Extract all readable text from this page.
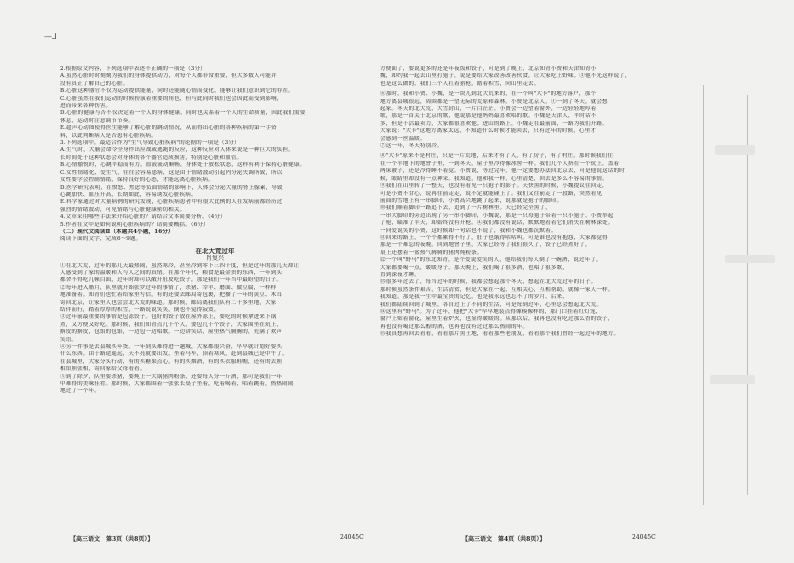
—⅃
2.根据原文内容，下列选项中表述不正确的一项是（3分）
A.虽然心脏时时刻刻为我们的身体提供动力，对每个人都非常重要，但大多数人可能并
没有真正了解自己的心脏。
B.心脏这种器官不仅为运动提供能量，同时还能随心情而变化，能够让我们意识到它的存在。
C.心脏虽然在我们运动的时候扮演着重要的角色，但与此同时我们也会因此而受到影响，
进而带来各种伤害。
D.心脏的健康与否不仅决定着一个人的身体健康，同时也关系着一个人的生命质量，因此我们需要
休息，运动时注意调节节奏。
E.超声心动图使得医生能够了解心脏的跳动情况，从而得出心脏的各种疾病的第一手资
料，以此判断病人是否患有心脏疾病。
3.下列选项中，最适合作为"生气导致心脏疾病"的论据的一项是（3分）
A.生气时，大脑会命令全身作出应战或逃跑的反应，这种反应对人体来说是一种巨大的负担，
长时间处于这种状态会对身体的各个器官造成损害，特别是心脏和血管。
B.心情愉悦时，心跳平稳而有力，血液流动顺畅，身体处于放松状态，这样有利于保持心脏健康。
C.女性情绪化、爱生气，往往会容易患病，这是由于情绪波动引起内分泌失调所致，所以
女性要学会控制情绪，保持良好的心态，才能远离心脏疾病。
D.医学研究表明，在愤怒、焦虑等负面情绪的影响下，人体会分泌大量的肾上腺素，导致
心跳加快、血压升高，长期如此，容易诱发心脏疾病。
E.科学家通过对大量病例的研究发现，心脏疾病患者中有很大比例的人在发病前都经历过
强烈的情绪波动，可见情绪与心脏健康密切相关。
4.文章采用哪些手法来介绍心脏的？请结合文本简要分析。（4分）
5.作者在文中是如何说明心脏疾病的？请简要概括。（6分）
（二）现代文阅读Ⅱ（本题共4小题，16分）
阅读下面的文字，完成6～9题。
在北大荒过年
肖复兴
①在北大荒，过年的那几天最热闹，虽然寒冷，甚至冷到零下三四十度，但是过年的那几天却让
人感受到了家的温暖和人与人之间的真情。在那个年代，粮食是最金贵的东西，一年到头
都舍不得吃几顿白面，过年时却可以敞开肚皮吃饺子，那是我们一年当中最盼望的日子。
②每年进入腊月，队里就开始张罗过年的事情了，杀猪、宰羊、磨面、做豆腐，一样样
地准备着。知青们也忙着给家里写信，有的还要去邮局寄包裹，把攒了一年的黄豆、木耳
寄回北京，让家里人也尝尝北大荒的味道。那时候，邮局离我们队有二十多里地，大家
结伴而行，踏着厚厚的积雪，一路说说笑笑，倒也不觉得寂寞。
③过年前最重要的事情是包冻饺子。包好的饺子放在屋外冻上，要吃的时候拿进来下锅
煮，又方便又好吃。那时候，我们知青点几十个人，要包几千个饺子，大家围坐在炕上，
擀皮的擀皮，包馅的包馅，一边包一边唱歌，一边讲笑话，屋里热气腾腾的，充满了欢声
笑语。
④另一件事是去县城买年货。一年到头难得进一趟城，大家都很兴奋，早早就计划好要买
什么东西。由于路途遥远，天不亮就要出发，坐着马车，顶着寒风，赶到县城已是中午了。
在县城里，大家分头行动，有的买糖果点心，有的买烟酒，有的买衣服鞋帽，还有的去照
相馆照张相，寄回家给父母看看。
⑤到了除夕，队里要杀猪，要炖上一大锅猪肉粉条，还要每人分一斤酒，那可是我们一年
中难得的美味佳肴。那时候，大家都围着一张张长桌子坐着，吃着喝着，唱着跳着，热热闹闹
地过了一个年。
【高三语文　第3页（共8页）】	24045C
方便面了，要说更多的还是年夜饭和饺子，可是到了晚上，北京知青小贾和天津知青小
魏，却约我一起去山里打狍子，说是要给大家改善改善伙食，让大家吃上野味。③他不光这样说了，
也是这么做的。我们三个人扛着猎枪，踏着积雪，向山里走去。
⑥那时，我和小贾、小魏，是一块儿到北大荒来的，在一个叫"大卡"的地方落户，那个
地方离县城很远，周围都是一望无际的荒原和森林。小贾是北京人，①一到了冬天，就会想
起家。冬天的北大荒，大雪封山，一片白茫茫。小贾会一边望着窗外，一边轻轻地哼着
歌，那是一首关于北京的歌，他说那是他妈妈最喜欢唱的歌。小魏是天津人，平时话不
多，但是干活最卖力，大家都很喜欢他。进山的路上，小魏走在最前面，一路为我们开路。
大家说："大卡"这地方离家太远，不知道什么时候才能回去，只有过年的时候，心里才
会感到一丝温暖。
⑦这一年，冬天特别冷。
⑧"大卡"原来不是村庄，只是一片荒地，后来才有了人，有了房子，有了村庄。那时候我们住
在一个半地下的地窨子里，一到冬天，屋子里冷得像冰窖一样。我们几个人挤在一个炕上，盖着
两床被子，还是冷得睡不着觉。小贾说，等过完年，他一定要想办法回北京去，可是他说这话的时
候，眼睛里却没有一点神采。我知道，他和我一样，心里清楚，回去是多么不容易的事情。
⑨我们在山里转了一整天，也没有看见一只狍子的影子。天快黑的时候，小魏提议往回走，
可是小贾不甘心，说再往前走走，说不定就能碰上了。我们又往前走了一段路，突然看见
前面的雪地上有一串脚印，小贾高兴地跳了起来，说那就是狍子的脚印。
⑩我们顺着脚印一路追下去，追到了一片树林里。天已经完全黑了，
一串大脚印的旁边出现了另一串小脚印，小魏说，那是一只母狍子带着一只小狍子。小贾举起
了枪，瞄准了半天，却始终没有开枪。④我们都没有说话，默默地看着它们消失在树林深处。
一向爱说笑的小贾，这时候却一句话也不说了，我和小魏也都沉默着。
⑪回来的路上，一个个都累得不行了，肚子也饿得咕咕叫。可是谁也没有抱怨，大家都觉得
那是一个难忘的夜晚。回到地窨子里，大家已经等了我们很久了，饺子已经煮好了，
桌上还摆着一盆热气腾腾的猪肉炖粉条。
⑫一个叫"野马"的东北知青，是个爱说爱笑的人，他给我们每人倒了一碗酒，说过年了，
大家都要喝一点，暖暖身子。那天晚上，我们喝了很多酒，也唱了很多歌，
直到深夜才睡。
⑬很多年过去了，每当过年的时候，我都会想起那个冬天，想起在北大荒过年的日子。
那时候虽然条件艰苦，生活清贫，但是大家在一起，互相关心，互相帮助，就像一家人一样。
我知道，那是我一生中最宝贵的记忆，也是我永远也忘不了的岁月。后来，
我们都陆续回到了城里，各自过上了不同的生活，可是每到过年，心里总会想起北大荒。
⑭这里有"野马"。为了过年，他把"大卡"早早地装点得像模像样的，那门口挂着红灯笼，
窗户上贴着窗花，屋里生着炉火，也显得暖暖的。从那以后，我再也没有吃过那么香的饺子，
再也没有喝过那么醇的酒，也再也没有过过那么热闹的年。
⑮我真想再回去看看，看看那片黑土地，看看那些老朋友，看看那个我们曾经一起过年的地方。
【高三语文　第4页（共8页）】	24045C
